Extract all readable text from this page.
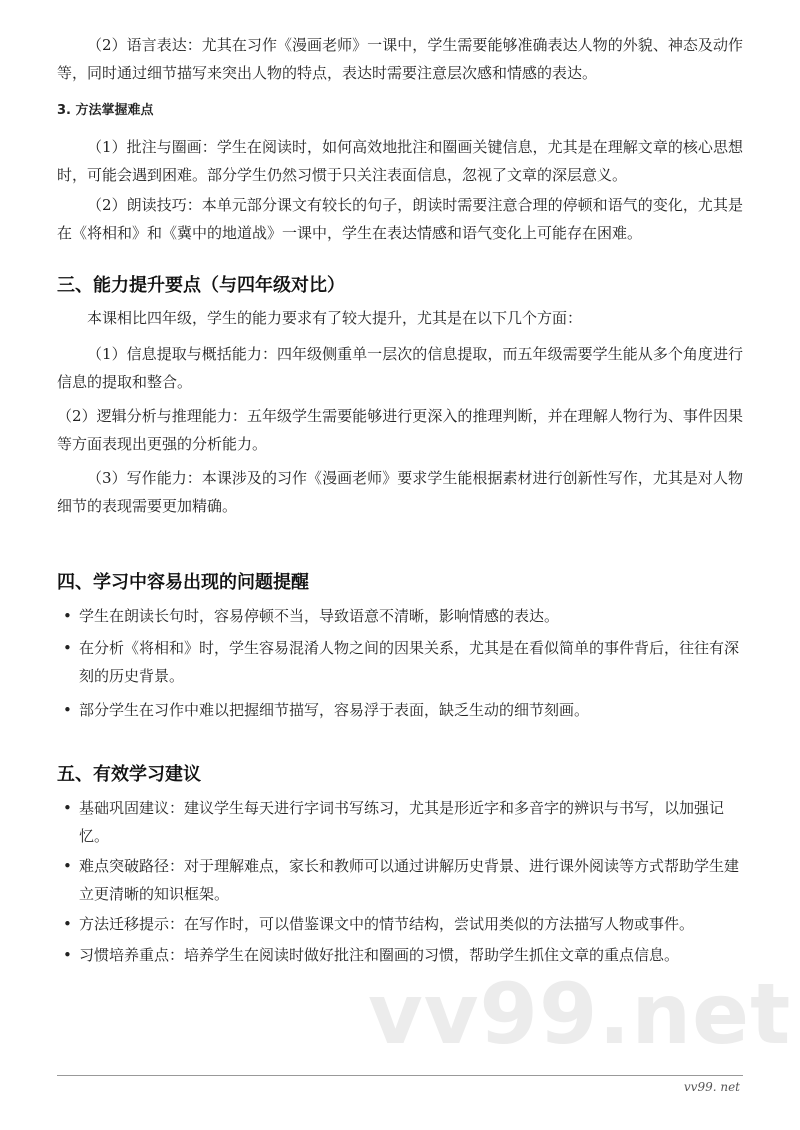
（2）语言表达：尤其在习作《漫画老师》一课中，学生需要能够准确表达人物的外貌、神态及动作等，同时通过细节描写来突出人物的特点，表达时需要注意层次感和情感的表达。
3. 方法掌握难点
（1）批注与圈画：学生在阅读时，如何高效地批注和圈画关键信息，尤其是在理解文章的核心思想时，可能会遇到困难。部分学生仍然习惯于只关注表面信息，忽视了文章的深层意义。
（2）朗读技巧：本单元部分课文有较长的句子，朗读时需要注意合理的停顿和语气的变化，尤其是在《将相和》和《冀中的地道战》一课中，学生在表达情感和语气变化上可能存在困难。
三、能力提升要点（与四年级对比）
本课相比四年级，学生的能力要求有了较大提升，尤其是在以下几个方面：
（1）信息提取与概括能力：四年级侧重单一层次的信息提取，而五年级需要学生能从多个角度进行信息的提取和整合。
（2）逻辑分析与推理能力：五年级学生需要能够进行更深入的推理判断，并在理解人物行为、事件因果等方面表现出更强的分析能力。
（3）写作能力：本课涉及的习作《漫画老师》要求学生能根据素材进行创新性写作，尤其是对人物细节的表现需要更加精确。
四、学习中容易出现的问题提醒
• 学生在朗读长句时，容易停顿不当，导致语意不清晰，影响情感的表达。
• 在分析《将相和》时，学生容易混淆人物之间的因果关系，尤其是在看似简单的事件背后，往往有深刻的历史背景。
• 部分学生在习作中难以把握细节描写，容易浮于表面，缺乏生动的细节刻画。
五、有效学习建议
• 基础巩固建议：建议学生每天进行字词书写练习，尤其是形近字和多音字的辨识与书写，以加强记忆。
• 难点突破路径：对于理解难点，家长和教师可以通过讲解历史背景、进行课外阅读等方式帮助学生建立更清晰的知识框架。
• 方法迁移提示：在写作时，可以借鉴课文中的情节结构，尝试用类似的方法描写人物或事件。
• 习惯培养重点：培养学生在阅读时做好批注和圈画的习惯，帮助学生抓住文章的重点信息。
vv99.net
vv99. net
